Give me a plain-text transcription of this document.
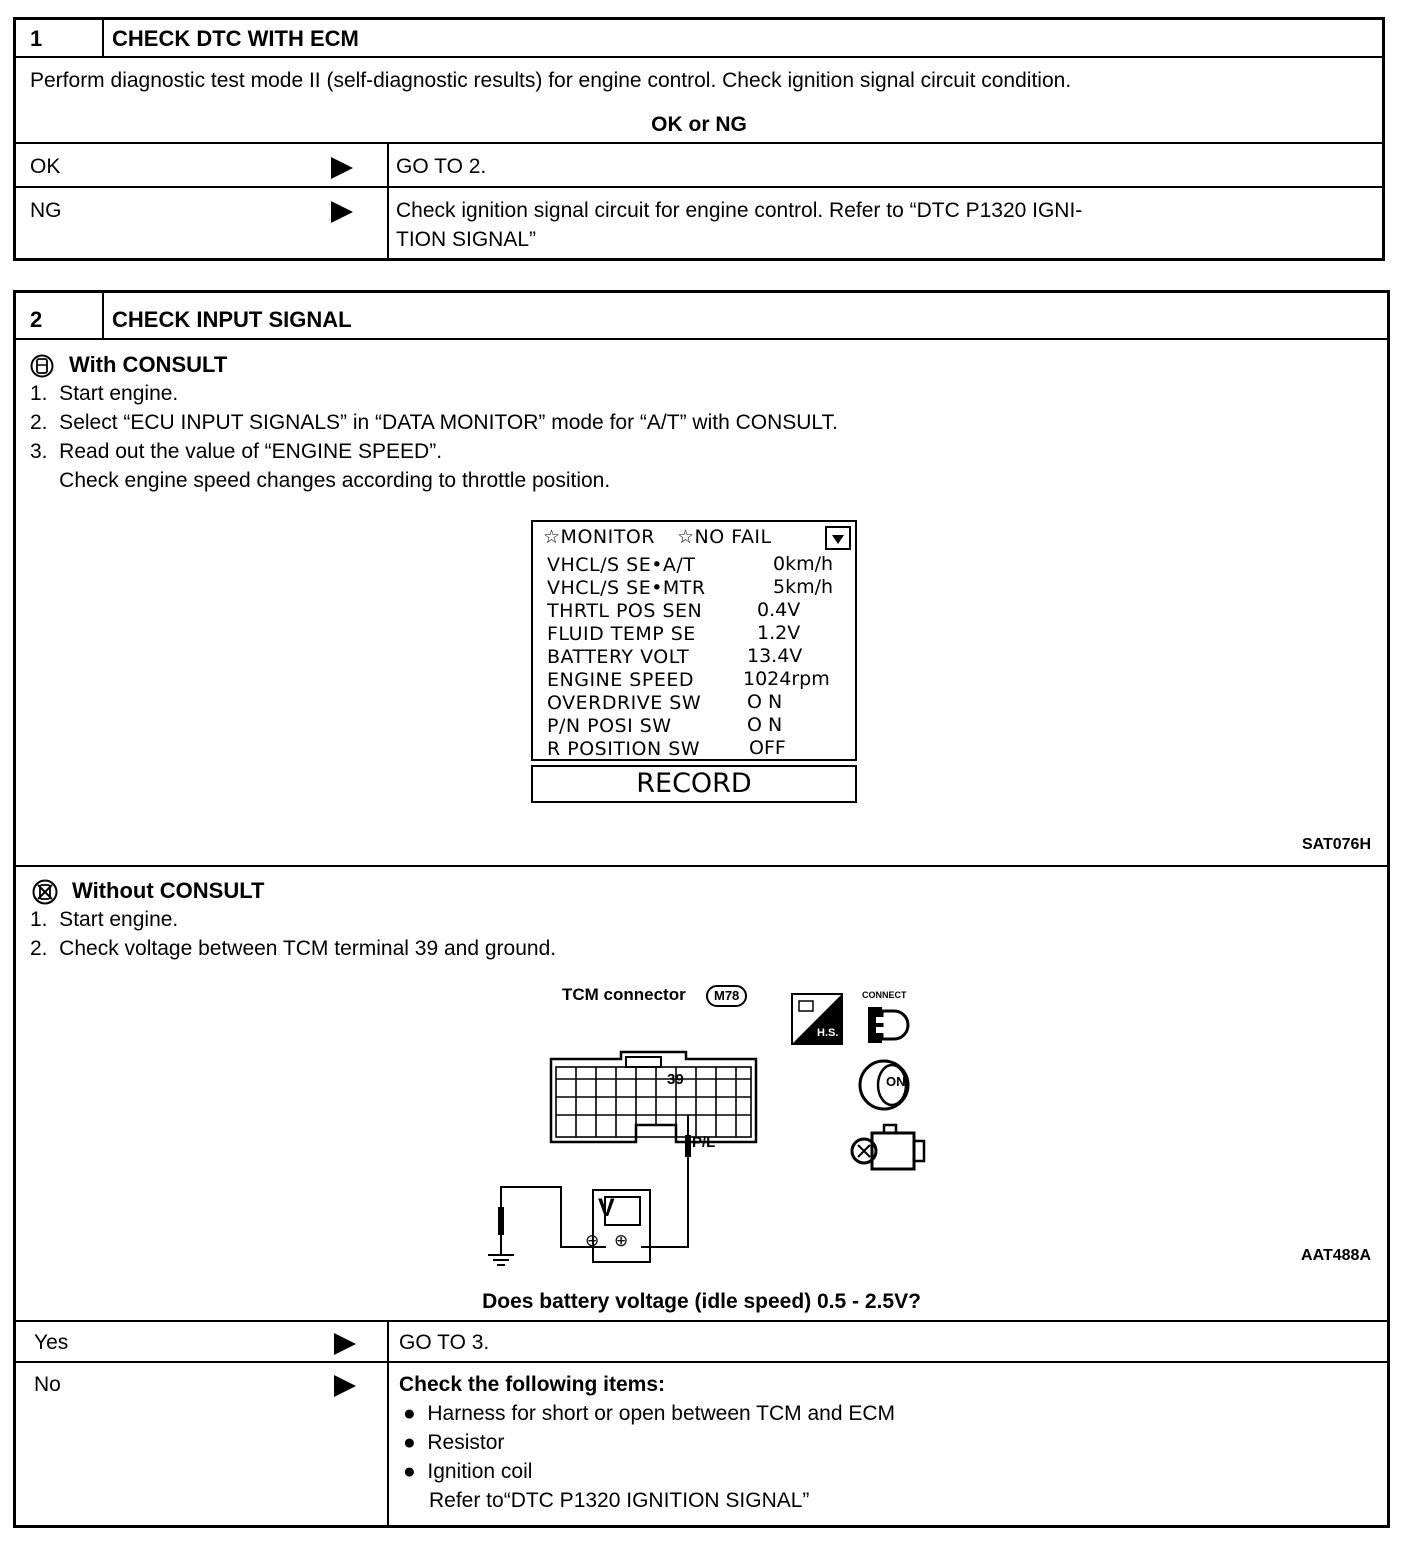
1	CHECK DTC WITH ECM
Perform diagnostic test mode II (self-diagnostic results) for engine control. Check ignition signal circuit condition.
OK or NG
OK	GO TO 2.
NG	Check ignition signal circuit for engine control. Refer to “DTC P1320 IGNI-
TION SIGNAL”
2	CHECK INPUT SIGNAL
With CONSULT
1.  Start engine.
2.  Select “ECU INPUT SIGNALS” in “DATA MONITOR” mode for “A/T” with CONSULT.
3.  Read out the value of “ENGINE SPEED”.
Check engine speed changes according to throttle position.
☆MONITOR ☆NO FAIL
VHCL/S SE•A/T	0km/h
VHCL/S SE•MTR	5km/h
THRTL POS SEN	0.4V
FLUID TEMP SE	1.2V
BATTERY VOLT	13.4V
ENGINE SPEED	1024rpm
OVERDRIVE SW O N
P/N POSI SW	O N
R POSITION SW	OFF
RECORD
SAT076H
Without CONSULT
1.  Start engine.
2.  Check voltage between TCM terminal 39 and ground.
TCM connector	M78
39
P/L
V
⊖ ⊕
H.S.
CONNECT
ON
AAT488A
Does battery voltage (idle speed) 0.5 - 2.5V?
Yes	GO TO 3.
No	Check the following items:
●  Harness for short or open between TCM and ECM
●  Resistor
●  Ignition coil
Refer to“DTC P1320 IGNITION SIGNAL”
